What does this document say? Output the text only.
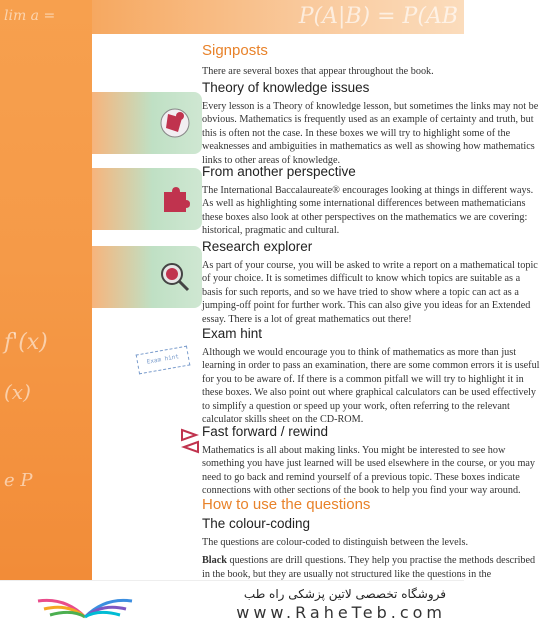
lim a =
f'(x)
(x)
e P
P(A|B) = P(AB
Exam hint
Signposts

There are several boxes that appear throughout the book.

Theory of knowledge issues

Every lesson is a Theory of knowledge lesson, but sometimes the links may not be obvious. Mathematics is frequently used as an example of certainty and truth, but this is often not the case. In these boxes we will try to highlight some of the weaknesses and ambiguities in mathematics as well as showing how mathematics links to other areas of knowledge.

From another perspective

The International Baccalaureate® encourages looking at things in different ways. As well as highlighting some international differences between mathematicians these boxes also look at other perspectives on the mathematics we are covering: historical, pragmatic and cultural.

Research explorer

As part of your course, you will be asked to write a report on a mathematical topic of your choice. It is sometimes difficult to know which topics are suitable as a basis for such reports, and so we have tried to show where a topic can act as a jumping-off point for further work. This can also give you ideas for an Extended essay. There is a lot of great mathematics out there!

Exam hint

Although we would encourage you to think of mathematics as more than just learning in order to pass an examination, there are some common errors it is useful for you to be aware of. If there is a common pitfall we will try to highlight it in these boxes. We also point out where graphical calculators can be used effectively to simplify a question or speed up your work, often referring to the relevant calculator skills sheet on the CD-ROM.

Fast forward / rewind

Mathematics is all about making links. You might be interested to see how something you have just learned will be used elsewhere in the course, or you may need to go back and remind yourself of a previous topic. These boxes indicate connections with other sections of the book to help you find your way around.

How to use the questions
The colour-coding

The questions are colour-coded to distinguish between the levels.

Black questions are drill questions. They help you practise the methods described in the book, but they are usually not structured like the questions in the

فروشگاه تخصصی لاتین پزشکی راه طب
www.RaheTeb.com
